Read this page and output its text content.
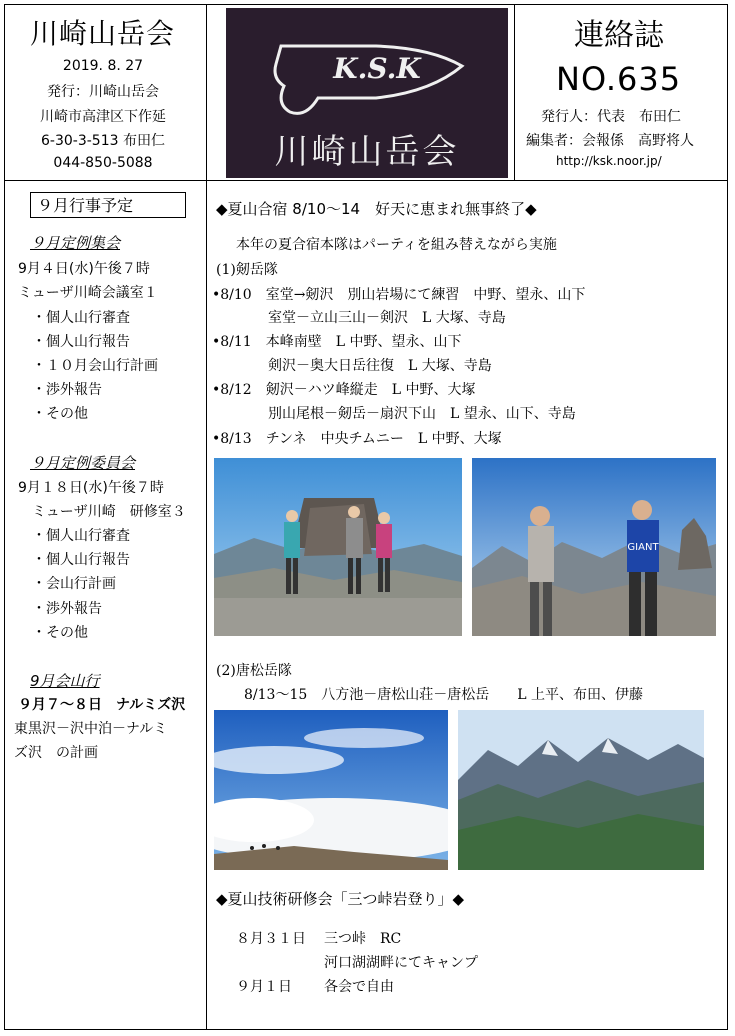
川崎山岳会
2019. 8. 27
発行：川崎山岳会
川崎市高津区下作延
6-30-3-513 布田仁
044-850-5088
K.S.K
川崎山岳会
連絡誌
NO.635
発行人：代表　布田仁
編集者：会報係　高野将人
http://ksk.noor.jp/
９月行事予定
９月定例集会
9月４日(水)午後７時
ミューザ川崎会議室１
・個人山行審査
・個人山行報告
・１０月会山行計画
・渉外報告
・その他
９月定例委員会
9月１８日(水)午後７時
　ミューザ川崎　研修室３
・個人山行審査
・個人山行報告
・会山行計画
・渉外報告
・その他
9月会山行
９月７～８日　ナルミズ沢
東黒沢－沢中泊－ナルミ
ズ沢　の計画
◆夏山合宿 8/10～14　好天に恵まれ無事終了◆
本年の夏合宿本隊はパーティを組み替えながら実施
(1)剱岳隊
•8/10　室堂→剱沢　別山岩場にて練習　中野、望永、山下
室堂－立山三山－剣沢　L 大塚、寺島
•8/11　本峰南壁　L 中野、望永、山下
剣沢－奥大日岳往復　L 大塚、寺島
•8/12　剱沢－ハツ峰縦走　L 中野、大塚
別山尾根－剱岳－扇沢下山　L 望永、山下、寺島
•8/13　チンネ　中央チムニー　L 中野、大塚
GIANT
(2)唐松岳隊
8/13～15　八方池－唐松山荘－唐松岳　　L 上平、布田、伊藤
◆夏山技術研修会「三つ峠岩登り」◆
８月３１日 三つ峠　RC
河口湖湖畔にてキャンプ
９月１日 各会で自由
